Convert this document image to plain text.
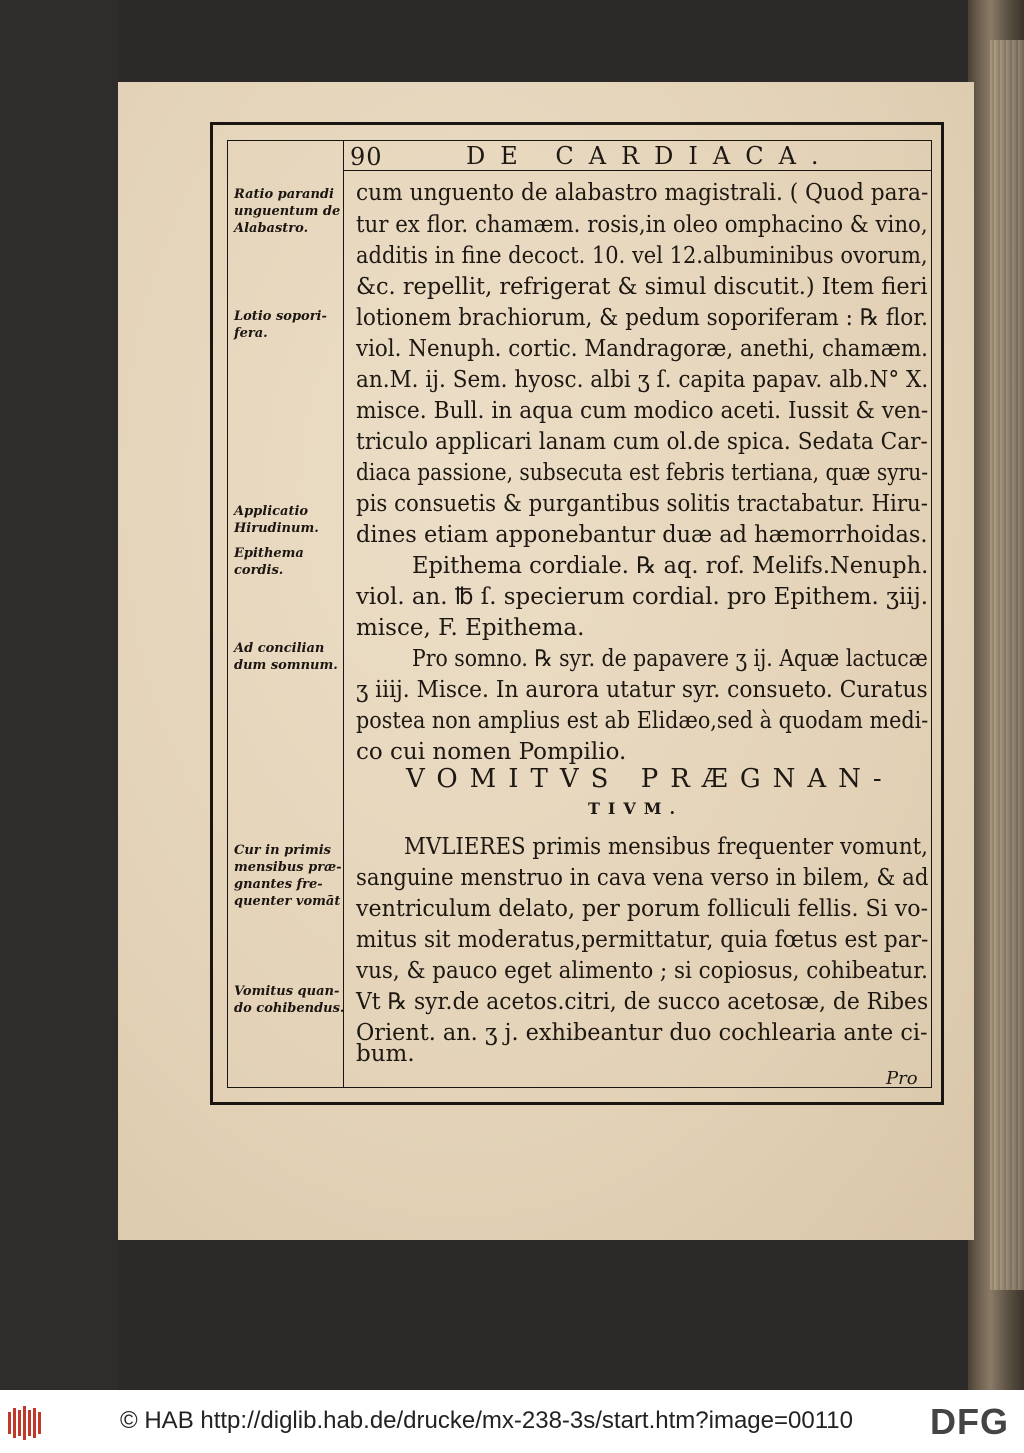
90	DE CARDIACA.
Ratio parandi
unguentum de
Alabastro.
Lotio sopori-
fera.
Applicatio
Hirudinum.
Epithema
cordis.
Ad concilian
dum somnum.
Cur in primis
mensibus præ-
gnantes fre-
quenter vomāt
Vomitus quan-
do cohibendus.
cum unguento de alabastro magistrali. ( Quod para-
tur ex flor. chamæm. rosis,in oleo omphacino & vino,
additis in fine decoct. 10. vel 12.albuminibus ovorum,
&c. repellit, refrigerat & simul discutit.) Item fieri
lotionem brachiorum, & pedum soporiferam : ℞ flor.
viol. Nenuph. cortic. Mandragoræ, anethi, chamæm.
an.M. ij. Sem. hyosc. albi ʒ ſ. capita papav. alb.N° X.
misce. Bull. in aqua cum modico aceti. Iussit & ven-
triculo applicari lanam cum ol.de spica. Sedata Car-
diaca passione, subsecuta est febris tertiana, quæ syru-
pis consuetis & purgantibus solitis tractabatur. Hiru-
dines etiam apponebantur duæ ad hæmorrhoidas.
Epithema cordiale. ℞ aq. rof. Melifs.Nenuph.
viol. an. ℔ ſ. specierum cordial. pro Epithem. ʒiij.
misce, F. Epithema.
Pro somno. ℞ syr. de papavere ʒ ij. Aquæ lactucæ
ʒ iiij. Misce. In aurora utatur syr. consueto. Curatus
postea non amplius est ab Elidæo,sed à quodam medi-
co cui nomen Pompilio.
VOMITVS PRÆGNAN-
TIVM.
MVLIERES primis mensibus frequenter vomunt,
sanguine menstruo in cava vena verso in bilem, & ad
ventriculum delato, per porum folliculi fellis. Si vo-
mitus sit moderatus,permittatur, quia fœtus est par-
vus, & pauco eget alimento ; si copiosus, cohibeatur.
Vt ℞ syr.de acetos.citri, de succo acetosæ, de Ribes
Orient. an. ʒ j. exhibeantur duo cochlearia ante ci-
bum.
Pro
© HAB http://diglib.hab.de/drucke/mx-238-3s/start.htm?image=00110 DFG
